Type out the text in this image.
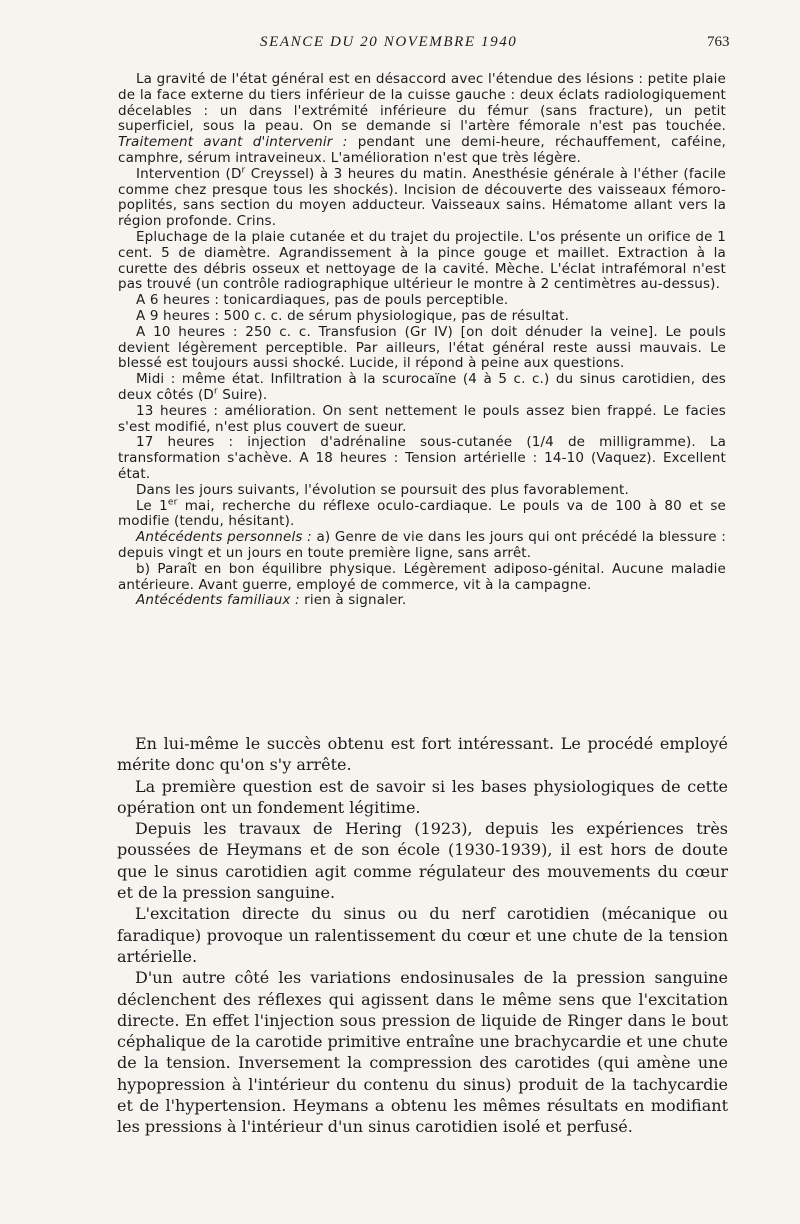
SEANCE DU 20 NOVEMBRE 1940	763

La gravité de l'état général est en désaccord avec l'étendue des lésions : petite plaie de la face externe du tiers inférieur de la cuisse gauche : deux éclats radiologiquement décelables : un dans l'extrémité inférieure du fémur (sans fracture), un petit superficiel, sous la peau. On se demande si l'artère fémorale n'est pas touchée. Traitement avant d'intervenir : pendant une demi-heure, réchauffement, caféine, camphre, sérum intraveineux. L'amélioration n'est que très légère.

Intervention ($D^r$ Creyssel) à 3 heures du matin. Anesthésie générale à l'éther (facile comme chez presque tous les shockés). Incision de découverte des vaisseaux fémoro-poplités, sans section du moyen adducteur. Vaisseaux sains. Hématome allant vers la région profonde. Crins.

Epluchage de la plaie cutanée et du trajet du projectile. L'os présente un orifice de 1 cent. 5 de diamètre. Agrandissement à la pince gouge et maillet. Extraction à la curette des débris osseux et nettoyage de la cavité. Mèche. L'éclat intrafémoral n'est pas trouvé (un contrôle radiographique ultérieur le montre à 2 centimètres au-dessus).

A 6 heures : tonicardiaques, pas de pouls perceptible.

A 9 heures : 500 c. c. de sérum physiologique, pas de résultat.

A 10 heures : 250 c. c. Transfusion (Gr IV) [on doit dénuder la veine]. Le pouls devient légèrement perceptible. Par ailleurs, l'état général reste aussi mauvais. Le blessé est toujours aussi shocké. Lucide, il répond à peine aux questions.

Midi : même état. Infiltration à la scurocaïne (4 à 5 c. c.) du sinus carotidien, des deux côtés ($D^r$ Suire).

13 heures : amélioration. On sent nettement le pouls assez bien frappé. Le facies s'est modifié, n'est plus couvert de sueur.

17 heures : injection d'adrénaline sous-cutanée (1/4 de milligramme). La transformation s'achève. A 18 heures : Tension artérielle : 14-10 (Vaquez). Excellent état.

Dans les jours suivants, l'évolution se poursuit des plus favorablement.

Le 1er mai, recherche du réflexe oculo-cardiaque. Le pouls va de 100 à 80 et se modifie (tendu, hésitant).

Antécédents personnels : a) Genre de vie dans les jours qui ont précédé la blessure : depuis vingt et un jours en toute première ligne, sans arrêt.

b) Paraît en bon équilibre physique. Légèrement adiposo-génital. Aucune maladie antérieure. Avant guerre, employé de commerce, vit à la campagne.

Antécédents familiaux : rien à signaler.

En lui-même le succès obtenu est fort intéressant. Le procédé employé mérite donc qu'on s'y arrête.

La première question est de savoir si les bases physiologiques de cette opération ont un fondement légitime.

Depuis les travaux de Hering (1923), depuis les expériences très poussées de Heymans et de son école (1930-1939), il est hors de doute que le sinus carotidien agit comme régulateur des mouvements du cœur et de la pression sanguine.

L'excitation directe du sinus ou du nerf carotidien (mécanique ou faradique) provoque un ralentissement du cœur et une chute de la tension artérielle.

D'un autre côté les variations endosinusales de la pression sanguine déclenchent des réflexes qui agissent dans le même sens que l'excitation directe. En effet l'injection sous pression de liquide de Ringer dans le bout céphalique de la carotide primitive entraîne une brachycardie et une chute de la tension. Inversement la compression des carotides (qui amène une hypopression à l'intérieur du contenu du sinus) produit de la tachycardie et de l'hypertension. Heymans a obtenu les mêmes résultats en modifiant les pressions à l'intérieur d'un sinus carotidien isolé et perfusé.
